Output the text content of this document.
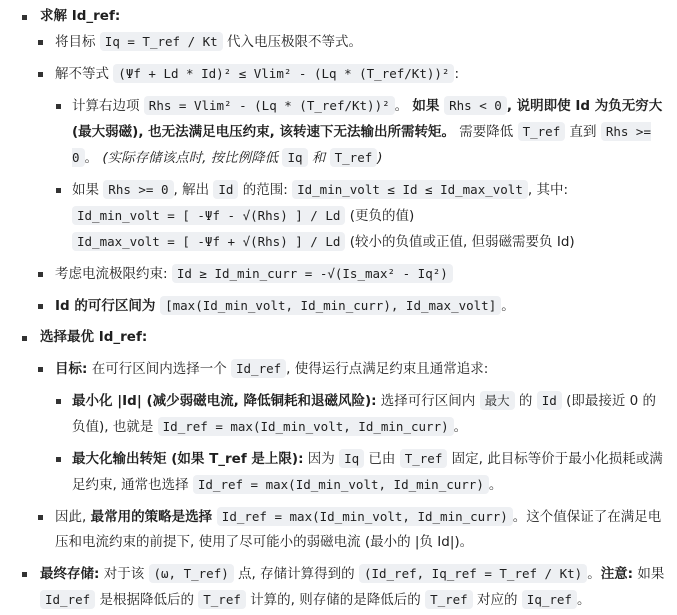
求解 Id_ref:
将目标 Iq = T_ref / Kt 代入电压极限不等式。
解不等式 (Ψf + Ld * Id)² ≤ Vlim² - (Lq * (T_ref/Kt))² :
计算右边项 Rhs = Vlim² - (Lq * (T_ref/Kt))² 。 如果 Rhs < 0 , 说明即使 Id 为负无穷大 (最大弱磁), 也无法满足电压约束, 该转速下无法输出所需转矩。 需要降低 T_ref 直到 Rhs >= 0 。 (实际存储该点时, 按比例降低 Iq 和 T_ref )
如果 Rhs >= 0 , 解出 Id 的范围: Id_min_volt ≤ Id ≤ Id_max_volt , 其中:
Id_min_volt = [ -Ψf - √(Rhs) ] / Ld (更负的值)
Id_max_volt = [ -Ψf + √(Rhs) ] / Ld (较小的负值或正值, 但弱磁需要负 Id)
考虑电流极限约束: Id ≥ Id_min_curr = -√(Is_max² - Iq²)
Id 的可行区间为 [max(Id_min_volt, Id_min_curr), Id_max_volt] 。
选择最优 Id_ref:
目标: 在可行区间内选择一个 Id_ref , 使得运行点满足约束且通常追求:
最小化 |Id| (减少弱磁电流, 降低铜耗和退磁风险): 选择可行区间内 最大 的 Id (即最接近 0 的负值), 也就是 Id_ref = max(Id_min_volt, Id_min_curr) 。
最大化输出转矩 (如果 T_ref 是上限): 因为 Iq 已由 T_ref 固定, 此目标等价于最小化损耗或满足约束, 通常也选择 Id_ref = max(Id_min_volt, Id_min_curr) 。
因此, 最常用的策略是选择 Id_ref = max(Id_min_volt, Id_min_curr) 。这个值保证了在满足电压和电流约束的前提下, 使用了尽可能小的弱磁电流 (最小的 |负 Id|)。
最终存储: 对于该 (ω, T_ref) 点, 存储计算得到的 (Id_ref, Iq_ref = T_ref / Kt) 。注意: 如果 Id_ref 是根据降低后的 T_ref 计算的, 则存储的是降低后的 T_ref 对应的 Iq_ref 。
